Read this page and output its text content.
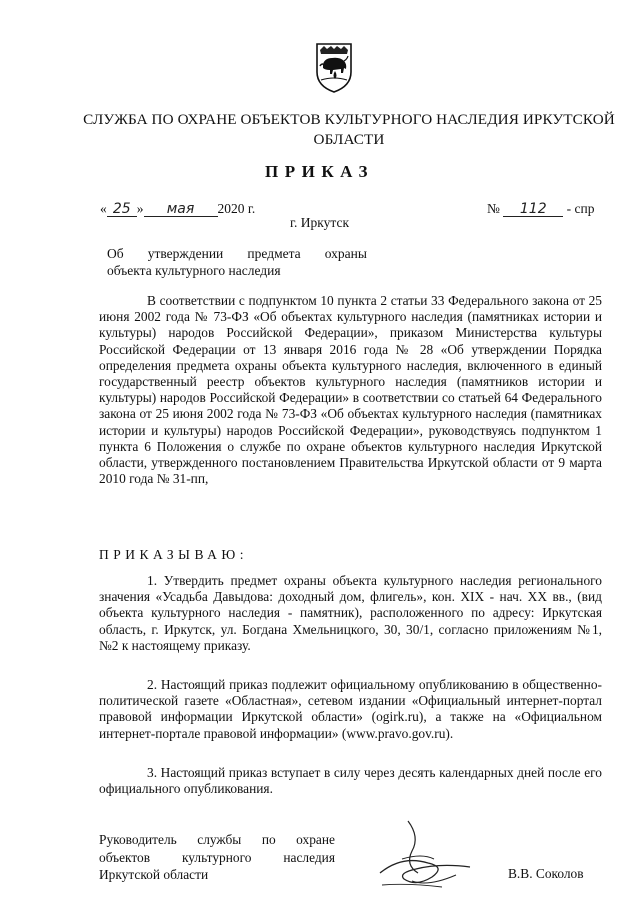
СЛУЖБА ПО ОХРАНЕ ОБЪЕКТОВ КУЛЬТУРНОГО НАСЛЕДИЯ ИРКУТСКОЙ
ОБЛАСТИ
ПРИКАЗ
« 25 » мая 2020 г.	№ 112 - спр
г. Иркутск
Об утверждении предмета охраны
объекта культурного наследия
В соответствии с подпунктом 10 пункта 2 статьи 33 Федерального закона от 25 июня 2002 года № 73-ФЗ «Об объектах культурного наследия (памятниках истории и культуры) народов Российской Федерации», приказом Министерства культуры Российской Федерации от 13 января 2016 года № 28 «Об утверждении Порядка определения предмета охраны объекта культурного наследия, включенного в единый государственный реестр объектов культурного наследия (памятников истории и культуры) народов Российской Федерации» в соответствии со статьей 64 Федерального закона от 25 июня 2002 года № 73-ФЗ «Об объектах культурного наследия (памятниках истории и культуры) народов Российской Федерации», руководствуясь подпунктом 1 пункта 6 Положения о службе по охране объектов культурного наследия Иркутской области, утвержденного постановлением Правительства Иркутской области от 9 марта 2010 года № 31-пп,
ПРИКАЗЫВАЮ:
1. Утвердить предмет охраны объекта культурного наследия регионального значения «Усадьба Давыдова: доходный дом, флигель», кон. XIX - нач. XX вв., (вид объекта культурного наследия - памятник), расположенного по адресу: Иркутская область, г. Иркутск, ул. Богдана Хмельницкого, 30, 30/1, согласно приложениям №1, №2 к настоящему приказу.
2. Настоящий приказ подлежит официальному опубликованию в общественно-политической газете «Областная», сетевом издании «Официальный интернет-портал правовой информации Иркутской области» (ogirk.ru), а также на «Официальном интернет-портале правовой информации» (www.pravo.gov.ru).
3. Настоящий приказ вступает в силу через десять календарных дней после его официального опубликования.
Руководитель службы по охране
объектов культурного наследия
Иркутской области	В.В. Соколов
